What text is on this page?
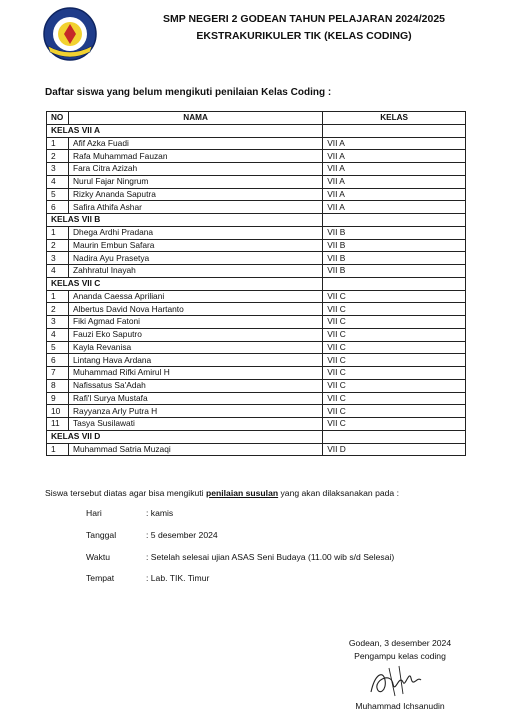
SMP NEGERI 2 GODEAN TAHUN PELAJARAN 2024/2025
EKSTRAKURIKULER TIK (KELAS CODING)
Daftar siswa yang belum mengikuti penilaian Kelas Coding :
NO	NAMA	KELAS
KELAS VII A		
1	Afif Azka Fuadi	VII A
2	Rafa Muhammad Fauzan	VII A
3	Fara Citra Azizah	VII A
4	Nurul Fajar Ningrum	VII A
5	Rizky Ananda Saputra	VII A
6	Safira Athifa Ashar	VII A
KELAS VII B		
1	Dhega Ardhi Pradana	VII B
2	Maurin Embun Safara	VII B
3	Nadira Ayu Prasetya	VII B
4	Zahhratul Inayah	VII B
KELAS VII C		
1	Ananda Caessa Apriliani	VII C
2	Albertus David Nova Hartanto	VII C
3	Fiki Agmad Fatoni	VII C
4	Fauzi Eko Saputro	VII C
5	Kayla Revanisa	VII C
6	Lintang Hava Ardana	VII C
7	Muhammad Rifki Amirul H	VII C
8	Nafissatus Sa'Adah	VII C
9	Rafi'l Surya Mustafa	VII C
10	Rayyanza Arly Putra H	VII C
11	Tasya Susilawati	VII C
KELAS VII D		
1	Muhammad Satria Muzaqi	VII D
Siswa tersebut diatas agar bisa mengikuti penilaian susulan yang akan dilaksanakan pada :
Hari	: kamis
Tanggal	: 5 desember 2024
Waktu	: Setelah selesai ujian ASAS Seni Budaya (11.00 wib s/d Selesai)
Tempat	: Lab. TIK. Timur
Godean, 3 desember 2024
Pengampu kelas coding
Muhammad Ichsanudin
